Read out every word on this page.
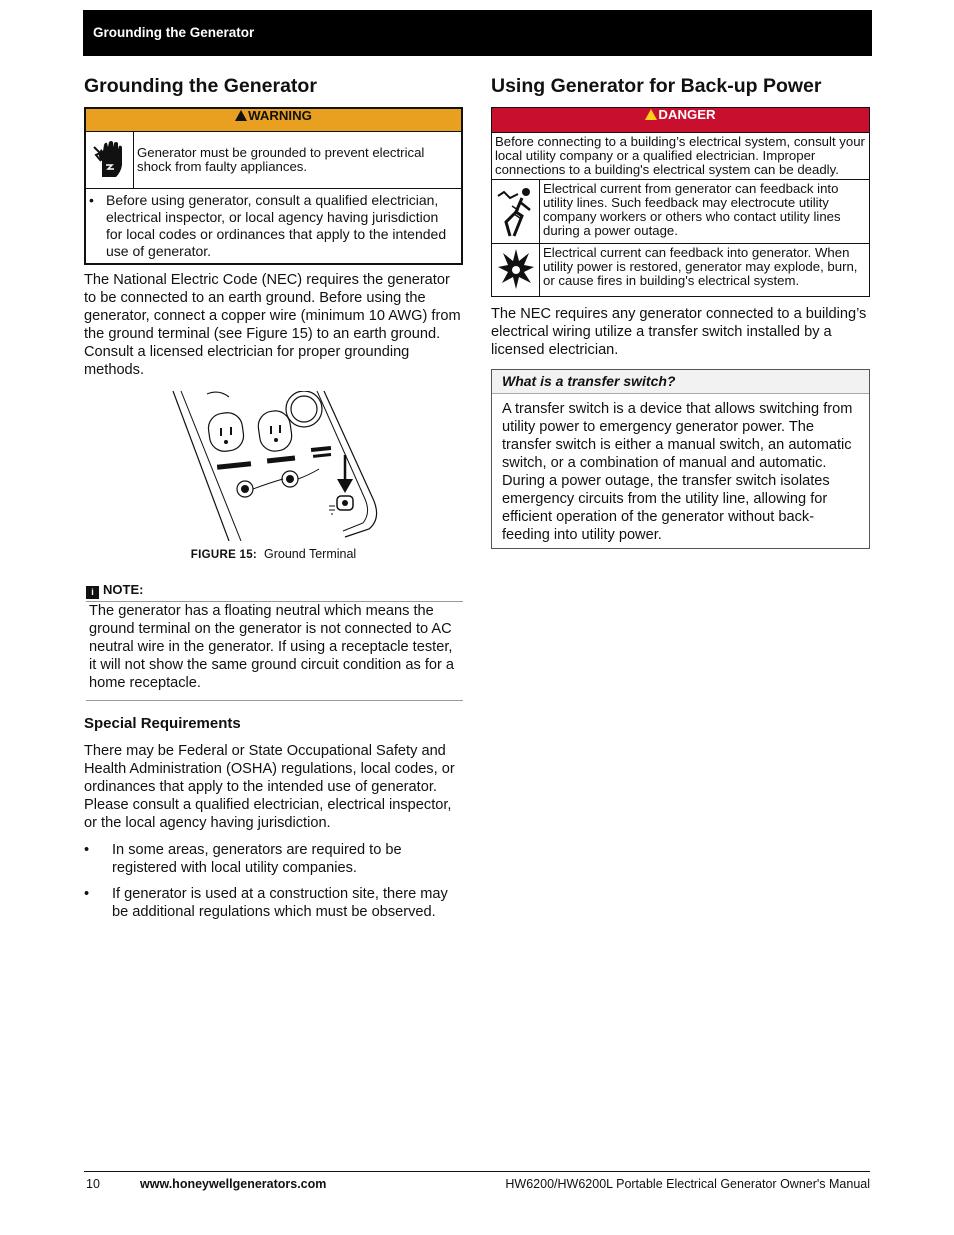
Grounding the Generator
Grounding the Generator
WARNING
	Generator must be grounded to prevent electrical shock from faulty appliances.

• Before using generator, consult a qualified electrician, electrical inspector, or local agency having jurisdiction for local codes or ordinances that apply to the intended use of generator.

The National Electric Code (NEC) requires the generator to be connected to an earth ground. Before using the generator, connect a copper wire (minimum 10 AWG) from the ground terminal (see Figure 15) to an earth ground. Consult a licensed electrician for proper grounding methods.

FIGURE 15: Ground Terminal
i NOTE:
The generator has a floating neutral which means the ground terminal on the generator is not connected to AC neutral wire in the generator. If using a receptacle tester, it will not show the same ground circuit condition as for a home receptacle.
Special Requirements

There may be Federal or State Occupational Safety and Health Administration (OSHA) regulations, local codes, or ordinances that apply to the intended use of generator. Please consult a qualified electrician, electrical inspector, or the local agency having jurisdiction.

• In some areas, generators are required to be registered with local utility companies.
• If generator is used at a construction site, there may be additional regulations which must be observed.
Using Generator for Back-up Power
DANGER	
Before connecting to a building’s electrical system, consult your local utility company or a qualified electrician. Improper connections to a building's electrical system can be deadly.	
	Electrical current from generator can feedback into utility lines. Such feedback may electrocute utility company workers or others who contact utility lines during a power outage.
	Electrical current can feedback into generator. When utility power is restored, generator may explode, burn, or cause fires in building's electrical system.

The NEC requires any generator connected to a building’s electrical wiring utilize a transfer switch installed by a licensed electrician.

What is a transfer switch?
A transfer switch is a device that allows switching from utility power to emergency generator power. The transfer switch is either a manual switch, an automatic switch, or a combination of manual and automatic. During a power outage, the transfer switch isolates emergency circuits from the utility line, allowing for efficient operation of the generator without back-feeding into utility power.
10	www.honeywellgenerators.com	HW6200/HW6200L Portable Electrical Generator Owner's Manual
